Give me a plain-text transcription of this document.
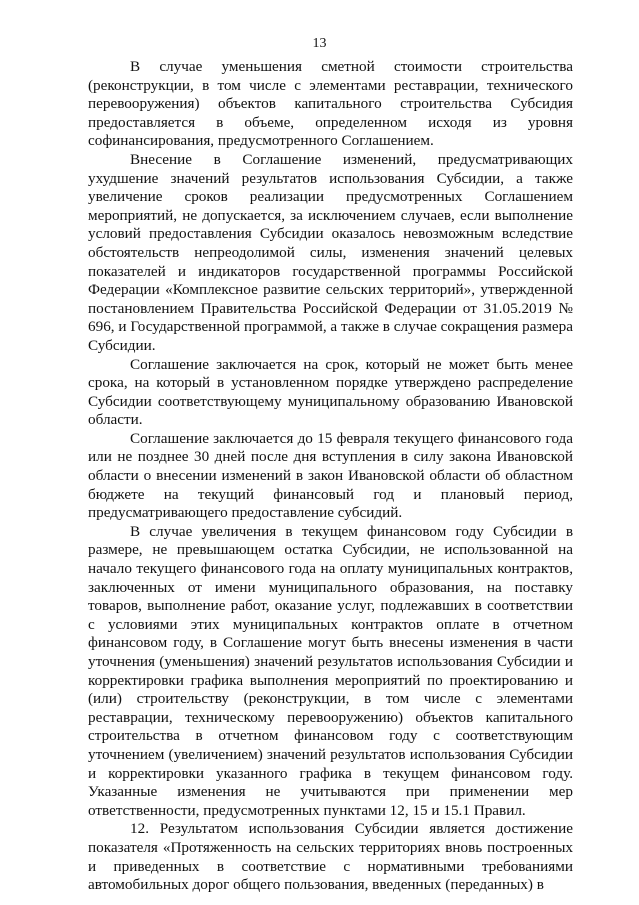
13

В случае уменьшения сметной стоимости строительства (реконструкции, в том числе с элементами реставрации, технического перевооружения) объектов капитального строительства Субсидия предоставляется в объеме, определенном исходя из уровня софинансирования, предусмотренного Соглашением.

Внесение в Соглашение изменений, предусматривающих ухудшение значений результатов использования Субсидии, а также увеличение сроков реализации предусмотренных Соглашением мероприятий, не допускается, за исключением случаев, если выполнение условий предоставления Субсидии оказалось невозможным вследствие обстоятельств непреодолимой силы, изменения значений целевых показателей и индикаторов государственной программы Российской Федерации «Комплексное развитие сельских территорий», утвержденной постановлением Правительства Российской Федерации от 31.05.2019 № 696, и Государственной программой, а также в случае сокращения размера Субсидии.

Соглашение заключается на срок, который не может быть менее срока, на который в установленном порядке утверждено распределение Субсидии соответствующему муниципальному образованию Ивановской области.

Соглашение заключается до 15 февраля текущего финансового года или не позднее 30 дней после дня вступления в силу закона Ивановской области о внесении изменений в закон Ивановской области об областном бюджете на текущий финансовый год и плановый период, предусматривающего предоставление субсидий.

В случае увеличения в текущем финансовом году Субсидии в размере, не превышающем остатка Субсидии, не использованной на начало текущего финансового года на оплату муниципальных контрактов, заключенных от имени муниципального образования, на поставку товаров, выполнение работ, оказание услуг, подлежавших в соответствии с условиями этих муниципальных контрактов оплате в отчетном финансовом году, в Соглашение могут быть внесены изменения в части уточнения (уменьшения) значений результатов использования Субсидии и корректировки графика выполнения мероприятий по проектированию и (или) строительству (реконструкции, в том числе с элементами реставрации, техническому перевооружению) объектов капитального строительства в отчетном финансовом году с соответствующим уточнением (увеличением) значений результатов использования Субсидии и корректировки указанного графика в текущем финансовом году. Указанные изменения не учитываются при применении мер ответственности, предусмотренных пунктами 12, 15 и 15.1 Правил.

12. Результатом использования Субсидии является достижение показателя «Протяженность на сельских территориях вновь построенных и приведенных в соответствие с нормативными требованиями автомобильных дорог общего пользования, введенных (переданных) в
